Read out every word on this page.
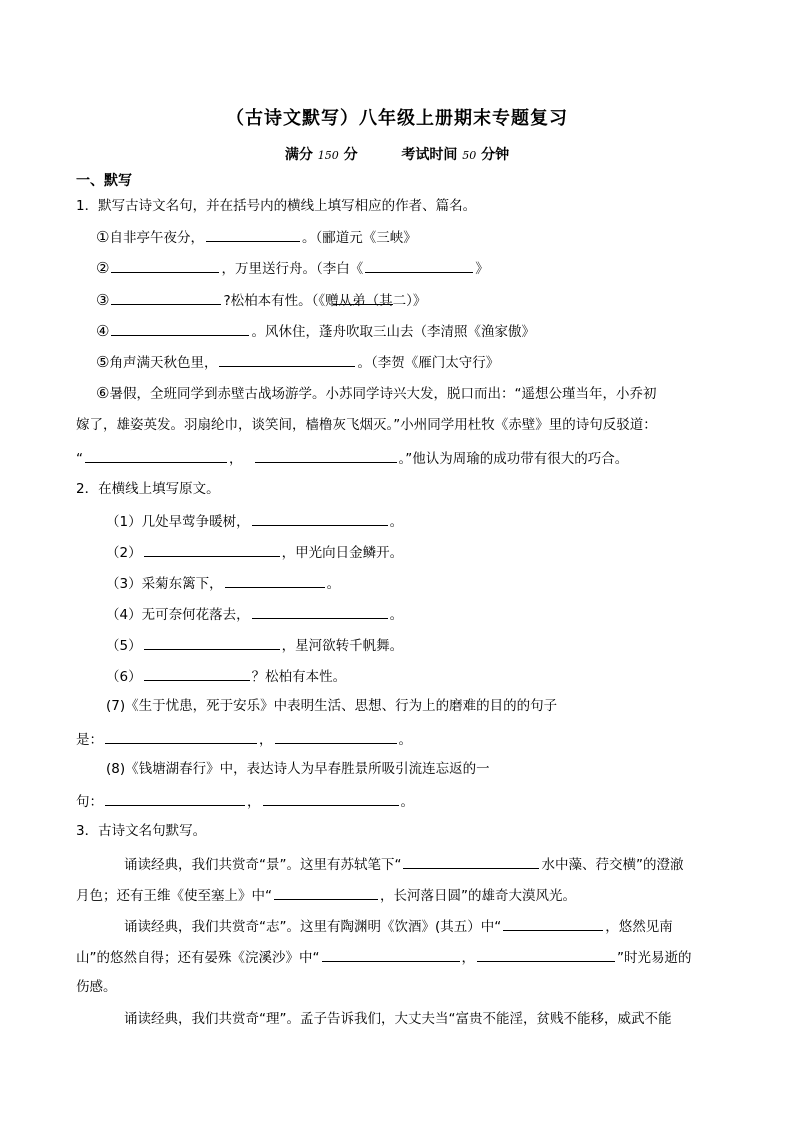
（古诗文默写）八年级上册期末专题复习
满分 150 分	考试时间 50 分钟
一、默写
1．默写古诗文名句，并在括号内的横线上填写相应的作者、篇名。
①自非亭午夜分，	。（郦道元《三峡》
②	，万里送行舟。（李白《	》
③	?松柏本有性。（《赠从弟（其二）》
④	。风休住，蓬舟吹取三山去（李清照《渔家傲》
⑤角声满天秋色里，	。（李贺《雁门太守行》
⑥暑假，全班同学到赤壁古战场游学。小苏同学诗兴大发，脱口而出：“遥想公瑾当年，小乔初
嫁了，雄姿英发。羽扇纶巾，谈笑间，樯橹灰飞烟灭。”小州同学用杜牧《赤壁》里的诗句反驳道：
“	，	。”他认为周瑜的成功带有很大的巧合。
2．在横线上填写原文。
（1）几处早莺争暖树，	。
（2）	，甲光向日金鳞开。
（3）采菊东篱下，	。
（4）无可奈何花落去，	。
（5）	，星河欲转千帆舞。
（6）	？松柏有本性。
(7)《生于忧患，死于安乐》中表明生活、思想、行为上的磨难的目的的句子
是：	，	。
(8)《钱塘湖春行》中，表达诗人为早春胜景所吸引流连忘返的一
句：	，	。
3．古诗文名句默写。
诵读经典，我们共赏奇“景”。这里有苏轼笔下“	水中藻、荇交横”的澄澈
月色；还有王维《使至塞上》中“	，长河落日圆”的雄奇大漠风光。
诵读经典，我们共赏奇“志”。这里有陶渊明《饮酒》(其五）中“	，悠然见南
山”的悠然自得；还有晏殊《浣溪沙》中“	，	”时光易逝的
伤感。
诵读经典，我们共赏奇“理”。孟子告诉我们，大丈夫当“富贵不能淫，贫贱不能移，威武不能
